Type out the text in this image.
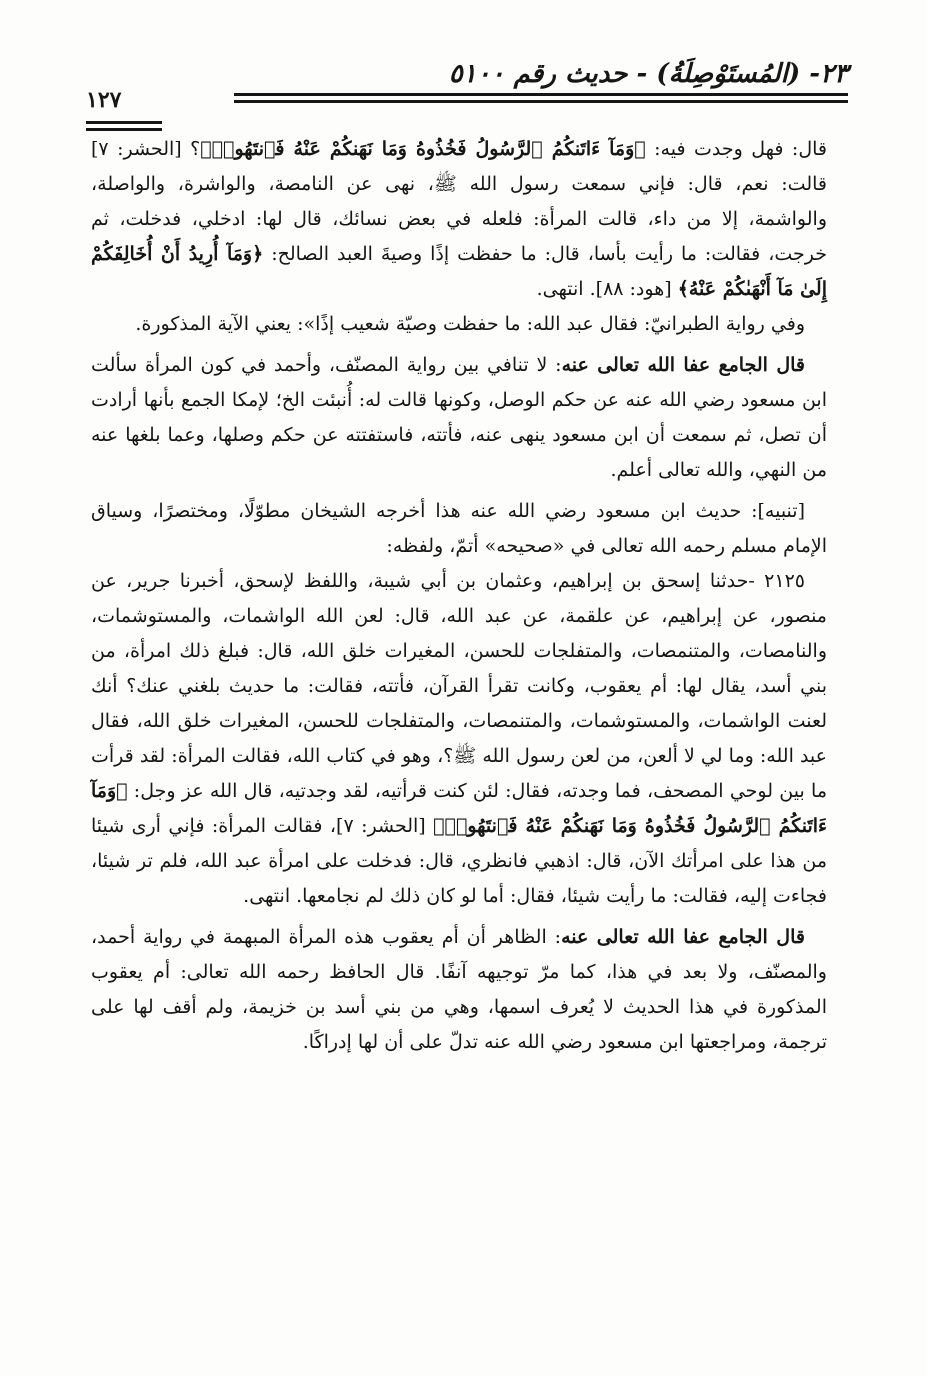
٢٣- (المُستَوْصِلَةُ) - حديث رقم ٥١٠٠
١٢٧

قال: فهل وجدت فيه: ﴿وَمَآ ءَاتَنكُمُ ٱلرَّسُولُ فَخُذُوهُ وَمَا نَهَنكُمْ عَنْهُ فَٱنتَهُوا۟﴾؟ [الحشر: ٧] قالت: نعم، قال: فإني سمعت رسول الله ﷺ، نهى عن النامصة، والواشرة، والواصلة، والواشمة، إلا من داء، قالت المرأة: فلعله في بعض نسائك، قال لها: ادخلي، فدخلت، ثم خرجت، فقالت: ما رأيت بأسا، قال: ما حفظت إذًا وصيةَ العبد الصالح: ﴿وَمَآ أُرِيدُ أَنْ أُخَالِفَكُمْ إِلَىٰ مَآ أَنْهَىٰكُمْ عَنْهُ﴾ [هود: ٨٨]. انتهى.

وفي رواية الطبرانيّ: فقال عبد الله: ما حفظت وصيّة شعيب إذًا»: يعني الآية المذكورة.

قال الجامع عفا الله تعالى عنه: لا تنافي بين رواية المصنّف، وأحمد في كون المرأة سألت ابن مسعود رضي الله عنه عن حكم الوصل، وكونها قالت له: أُنبئت الخ؛ لإمكا الجمع بأنها أرادت أن تصل، ثم سمعت أن ابن مسعود ينهى عنه، فأتته، فاستفتته عن حكم وصلها، وعما بلغها عنه من النهي، والله تعالى أعلم.

[تنبيه]: حديث ابن مسعود رضي الله عنه هذا أخرجه الشيخان مطوّلًا، ومختصرًا، وسياق الإمام مسلم رحمه الله تعالى في «صحيحه» أتمّ، ولفظه:

٢١٢٥ -حدثنا إسحق بن إبراهيم، وعثمان بن أبي شيبة، واللفظ لإسحق، أخبرنا جرير، عن منصور، عن إبراهيم، عن علقمة، عن عبد الله، قال: لعن الله الواشمات، والمستوشمات، والنامصات، والمتنمصات، والمتفلجات للحسن، المغيرات خلق الله، قال: فبلغ ذلك امرأة، من بني أسد، يقال لها: أم يعقوب، وكانت تقرأ القرآن، فأتته، فقالت: ما حديث بلغني عنك؟ أنك لعنت الواشمات، والمستوشمات، والمتنمصات، والمتفلجات للحسن، المغيرات خلق الله، فقال عبد الله: وما لي لا ألعن، من لعن رسول الله ﷺ؟، وهو في كتاب الله، فقالت المرأة: لقد قرأت ما بين لوحي المصحف، فما وجدته، فقال: لئن كنت قرأتيه، لقد وجدتيه، قال الله عز وجل: ﴿وَمَآ ءَاتَنكُمُ ٱلرَّسُولُ فَخُذُوهُ وَمَا نَهَنكُمْ عَنْهُ فَٱنتَهُوا۟﴾ [الحشر: ٧]، فقالت المرأة: فإني أرى شيئا من هذا على امرأتك الآن، قال: اذهبي فانظري، قال: فدخلت على امرأة عبد الله، فلم تر شيئا، فجاءت إليه، فقالت: ما رأيت شيئا، فقال: أما لو كان ذلك لم نجامعها. انتهى.

قال الجامع عفا الله تعالى عنه: الظاهر أن أم يعقوب هذه المرأة المبهمة في رواية أحمد، والمصنّف، ولا بعد في هذا، كما مرّ توجيهه آنفًا. قال الحافظ رحمه الله تعالى: أم يعقوب المذكورة في هذا الحديث لا يُعرف اسمها، وهي من بني أسد بن خزيمة، ولم أقف لها على ترجمة، ومراجعتها ابن مسعود رضي الله عنه تدلّ على أن لها إدراكًا.
